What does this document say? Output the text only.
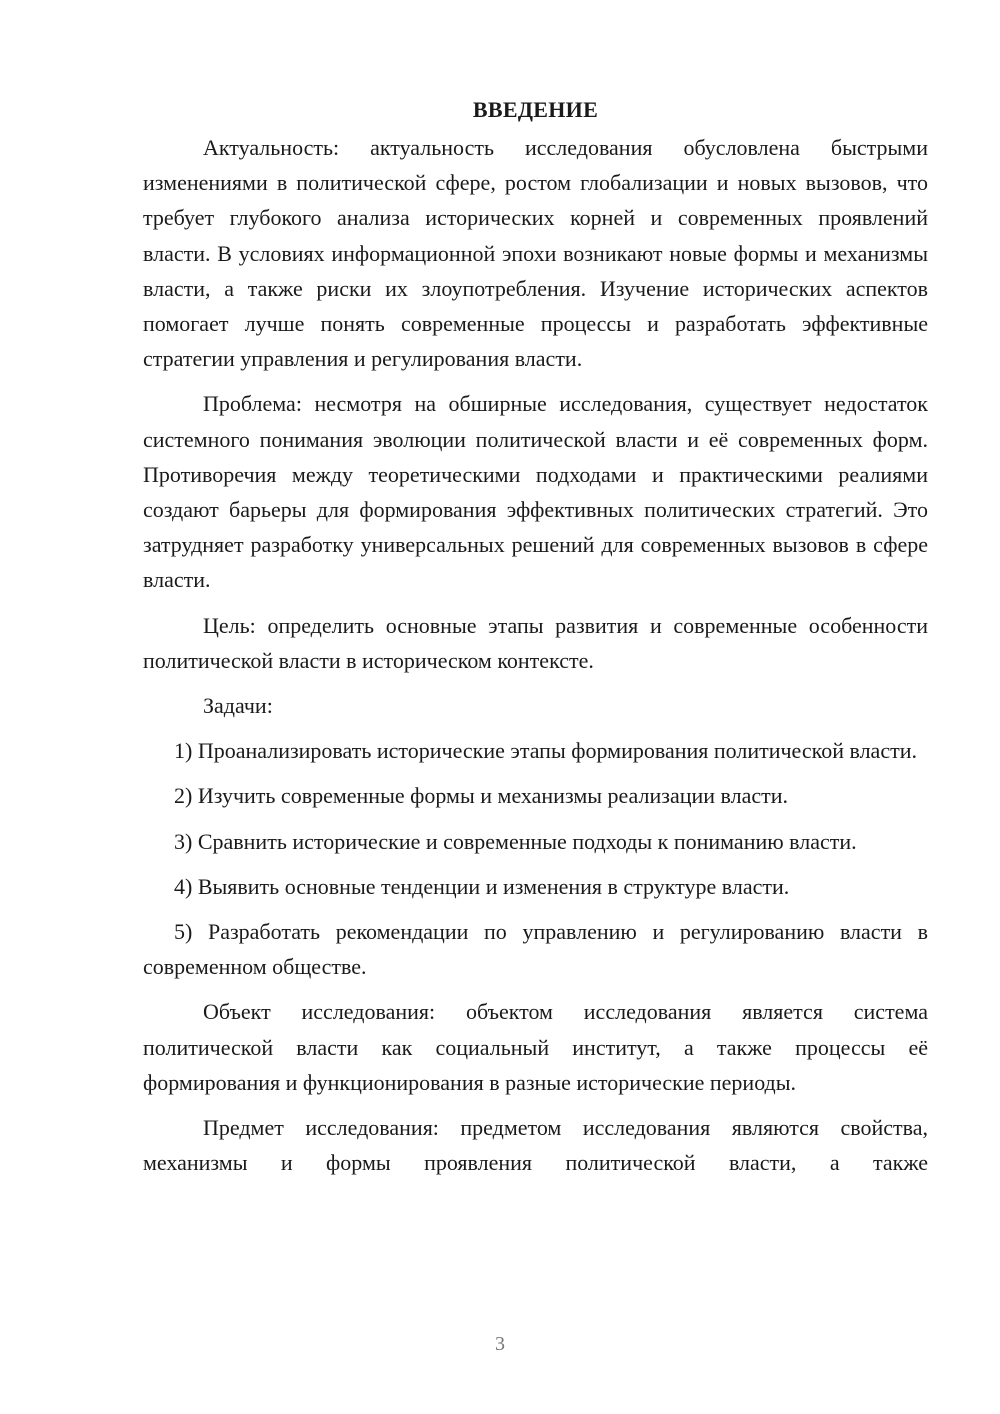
ВВЕДЕНИЕ

Актуальность: актуальность исследования обусловлена быстрыми изменениями в политической сфере, ростом глобализации и новых вызовов, что требует глубокого анализа исторических корней и современных проявлений власти. В условиях информационной эпохи возникают новые формы и механизмы власти, а также риски их злоупотребления. Изучение исторических аспектов помогает лучше понять современные процессы и разработать эффективные стратегии управления и регулирования власти.

Проблема: несмотря на обширные исследования, существует недостаток системного понимания эволюции политической власти и её современных форм. Противоречия между теоретическими подходами и практическими реалиями создают барьеры для формирования эффективных политических стратегий. Это затрудняет разработку универсальных решений для современных вызовов в сфере власти.

Цель: определить основные этапы развития и современные особенности политической власти в историческом контексте.

Задачи:

1) Проанализировать исторические этапы формирования политической власти.

2) Изучить современные формы и механизмы реализации власти.

3) Сравнить исторические и современные подходы к пониманию власти.

4) Выявить основные тенденции и изменения в структуре власти.

5) Разработать рекомендации по управлению и регулированию власти в современном обществе.

Объект исследования: объектом исследования является система политической власти как социальный институт, а также процессы её формирования и функционирования в разные исторические периоды.

Предмет исследования: предметом исследования являются свойства, механизмы и формы проявления политической власти, а также

3
